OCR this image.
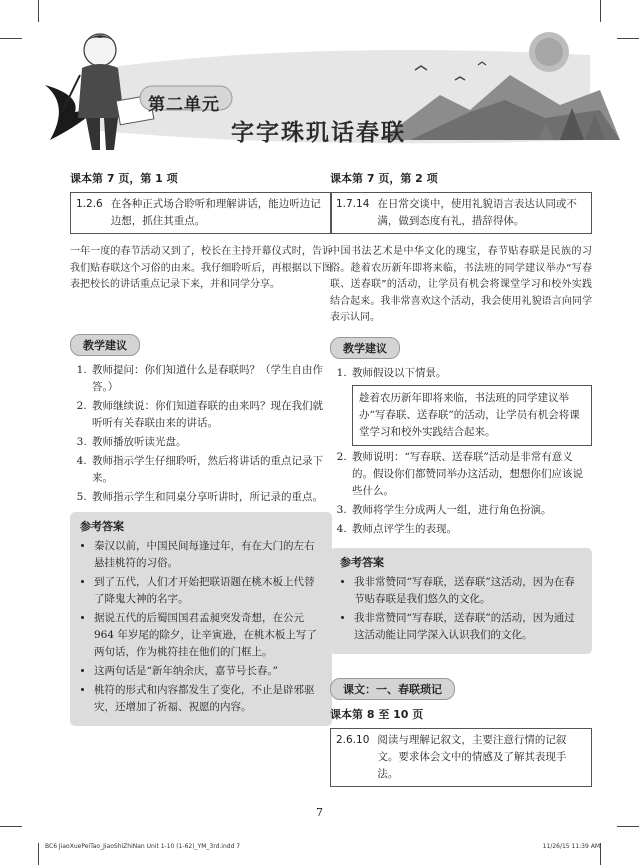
第二单元
字字珠玑话春联
课本第 7 页，第 1 项
1.2.6 在各种正式场合聆听和理解讲话，能边听边记边想，抓住其重点。

一年一度的春节活动又到了，校长在主持开幕仪式时，告诉我们贴春联这个习俗的由来。我仔细聆听后，再根据以下图表把校长的讲话重点记录下来，并和同学分享。

教学建议
1. 教师提问：你们知道什么是春联吗？（学生自由作答。）
2. 教师继续说：你们知道春联的由来吗？现在我们就听听有关春联由来的讲话。
3. 教师播放听读光盘。
4. 教师指示学生仔细聆听，然后将讲话的重点记录下来。
5. 教师指示学生和同桌分享听讲时，所记录的重点。
参考答案
• 秦汉以前，中国民间每逢过年，有在大门的左右悬挂桃符的习俗。
• 到了五代，人们才开始把联语题在桃木板上代替了降鬼大神的名字。
• 据说五代的后蜀国国君孟昶突发奇想，在公元 964 年岁尾的除夕，让辛寅逊，在桃木板上写了两句话，作为桃符挂在他们的门框上。
• 这两句话是“新年纳余庆，嘉节号长春。”
• 桃符的形式和内容都发生了变化，不止是辟邪驱灾，还增加了祈福、祝愿的内容。
课本第 7 页，第 2 项
1.7.14 在日常交谈中，使用礼貌语言表达认同或不满，做到态度有礼，措辞得体。

中国书法艺术是中华文化的瑰宝，春节贴春联是民族的习俗。趁着农历新年即将来临，书法班的同学建议举办“写春联、送春联”的活动，让学员有机会将课堂学习和校外实践结合起来。我非常喜欢这个活动，我会使用礼貌语言向同学表示认同。

教学建议
1. 教师假设以下情景。
趁着农历新年即将来临，书法班的同学建议举办“写春联、送春联”的活动，让学员有机会将课堂学习和校外实践结合起来。
2. 教师说明：“写春联、送春联”活动是非常有意义的。假设你们都赞同举办这活动，想想你们应该说些什么。
3. 教师将学生分成两人一组，进行角色扮演。
4. 教师点评学生的表现。
参考答案
• 我非常赞同“写春联，送春联”这活动，因为在春节贴春联是我们悠久的文化。
• 我非常赞同“写春联，送春联”的活动，因为通过这活动能让同学深入认识我们的文化。
课文：一、春联琐记
课本第 8 至 10 页
2.6.10 阅读与理解记叙文，主要注意行情的记叙文。要求体会文中的情感及了解其表现手法。
7
BC6 JiaoXuePeiTao_JiaoShiZhiNan Unit 1-10 (1-62)_YM_3rd.indd 7	11/26/15 11:39 AM
